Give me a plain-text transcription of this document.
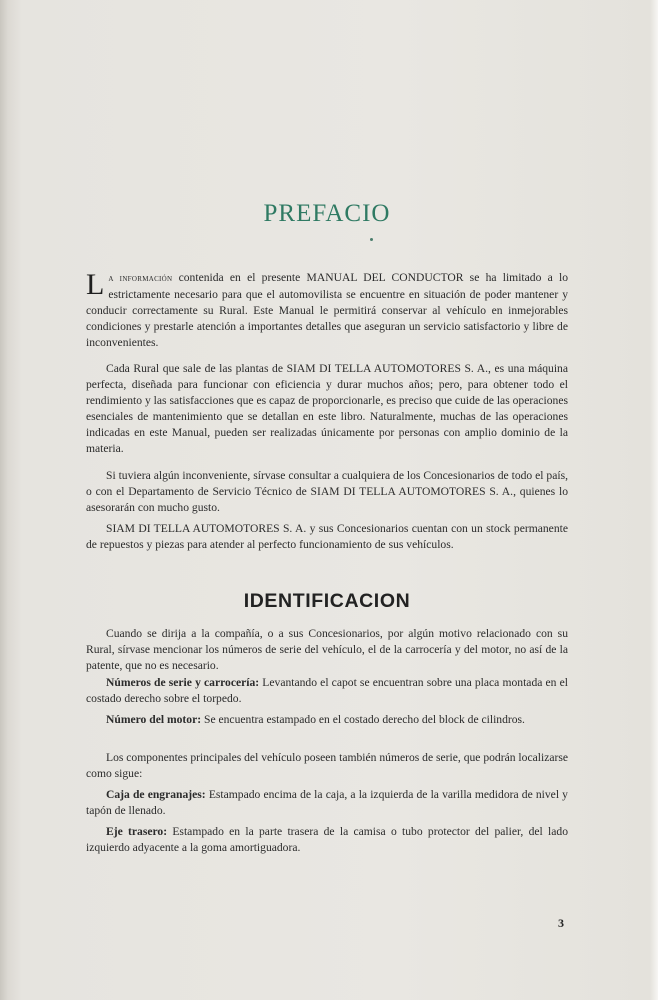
PREFACIO
La información contenida en el presente MANUAL DEL CONDUCTOR se ha limitado a lo estrictamente necesario para que el automovilista se encuentre en situación de poder mantener y conducir correctamente su Rural. Este Manual le permitirá conservar al vehículo en inmejorables condiciones y prestarle atención a importantes detalles que aseguran un servicio satisfactorio y libre de inconvenientes.
Cada Rural que sale de las plantas de SIAM DI TELLA AUTOMOTORES S. A., es una máquina perfecta, diseñada para funcionar con eficiencia y durar muchos años; pero, para obtener todo el rendimiento y las satisfacciones que es capaz de proporcionarle, es preciso que cuide de las operaciones esenciales de mantenimiento que se detallan en este libro. Naturalmente, muchas de las operaciones indicadas en este Manual, pueden ser realizadas únicamente por personas con amplio dominio de la materia.
Si tuviera algún inconveniente, sírvase consultar a cualquiera de los Concesionarios de todo el país, o con el Departamento de Servicio Técnico de SIAM DI TELLA AUTOMOTORES S. A., quienes lo asesorarán con mucho gusto.
SIAM DI TELLA AUTOMOTORES S. A. y sus Concesionarios cuentan con un stock permanente de repuestos y piezas para atender al perfecto funcionamiento de sus vehículos.
IDENTIFICACION
Cuando se dirija a la compañía, o a sus Concesionarios, por algún motivo relacionado con su Rural, sírvase mencionar los números de serie del vehículo, el de la carrocería y del motor, no así de la patente, que no es necesario.
Números de serie y carrocería: Levantando el capot se encuentran sobre una placa montada en el costado derecho sobre el torpedo.
Número del motor: Se encuentra estampado en el costado derecho del block de cilindros.
Los componentes principales del vehículo poseen también números de serie, que podrán localizarse como sigue:
Caja de engranajes: Estampado encima de la caja, a la izquierda de la varilla medidora de nivel y tapón de llenado.
Eje trasero: Estampado en la parte trasera de la camisa o tubo protector del palier, del lado izquierdo adyacente a la goma amortiguadora.
3
